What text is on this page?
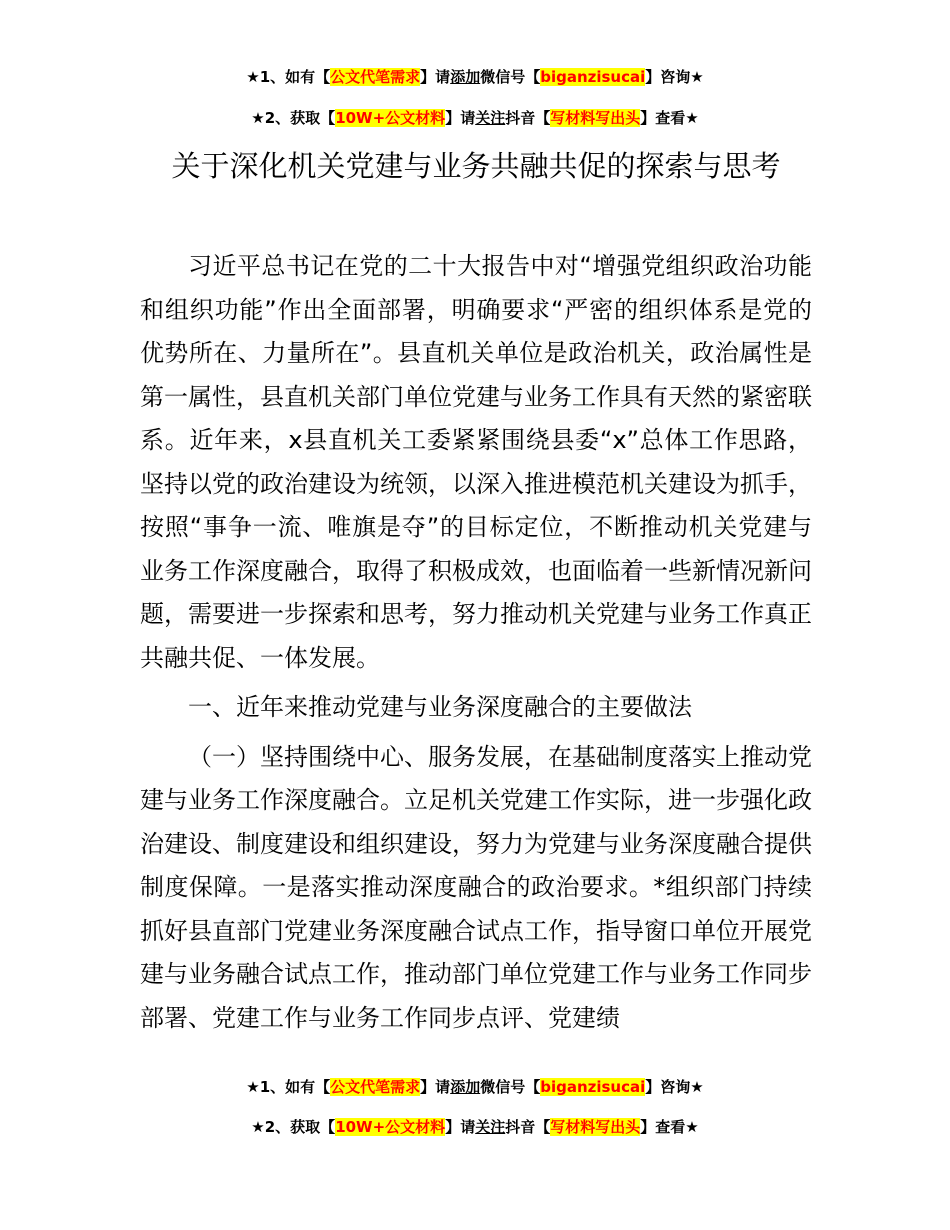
★1、如有【公文代笔需求】请添加微信号【biganzisucai】咨询★
★2、获取【10W+公文材料】请关注抖音【写材料写出头】查看★
关于深化机关党建与业务共融共促的探索与思考

习近平总书记在党的二十大报告中对“增强党组织政治功能和组织功能”作出全面部署，明确要求“严密的组织体系是党的优势所在、力量所在”。县直机关单位是政治机关，政治属性是第一属性，县直机关部门单位党建与业务工作具有天然的紧密联系。近年来，x县直机关工委紧紧围绕县委“x”总体工作思路，坚持以党的政治建设为统领，以深入推进模范机关建设为抓手，按照“事争一流、唯旗是夺”的目标定位，不断推动机关党建与业务工作深度融合，取得了积极成效，也面临着一些新情况新问题，需要进一步探索和思考，努力推动机关党建与业务工作真正共融共促、一体发展。

一、近年来推动党建与业务深度融合的主要做法

（一）坚持围绕中心、服务发展，在基础制度落实上推动党建与业务工作深度融合。立足机关党建工作实际，进一步强化政治建设、制度建设和组织建设，努力为党建与业务深度融合提供制度保障。一是落实推动深度融合的政治要求。*组织部门持续抓好县直部门党建业务深度融合试点工作，指导窗口单位开展党建与业务融合试点工作，推动部门单位党建工作与业务工作同步部署、党建工作与业务工作同步点评、党建绩

★1、如有【公文代笔需求】请添加微信号【biganzisucai】咨询★
★2、获取【10W+公文材料】请关注抖音【写材料写出头】查看★
